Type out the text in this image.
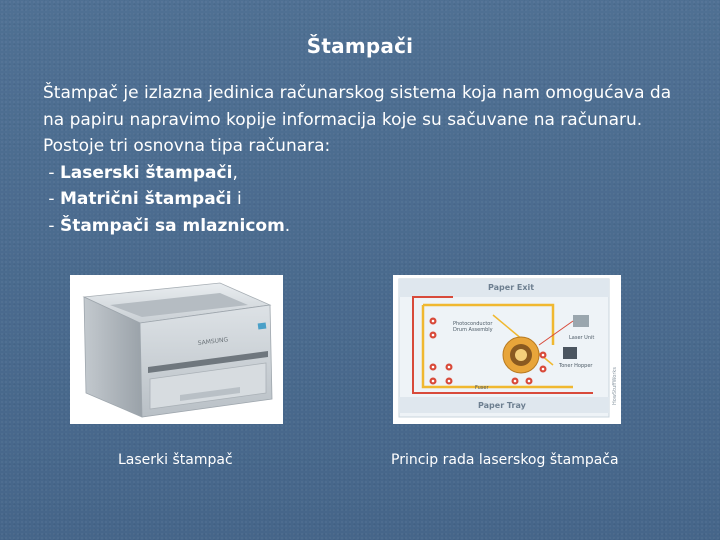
Štampači

Štampač je izlazna jedinica računarskog sistema koja nam omogućava da na papiru napravimo kopije informacija koje su sačuvane na računaru. Postoje tri osnovna tipa računara:

- Laserski štampači,
- Matrični štampači i
- Štampači sa mlaznicom.
SAMSUNG
Paper Exit
Paper Tray
Photoconductor
Drum Assembly
Laser Unit
Toner Hopper
Fuser	HowStuffWorks
Laserki štampač	Princip rada laserskog štampača
